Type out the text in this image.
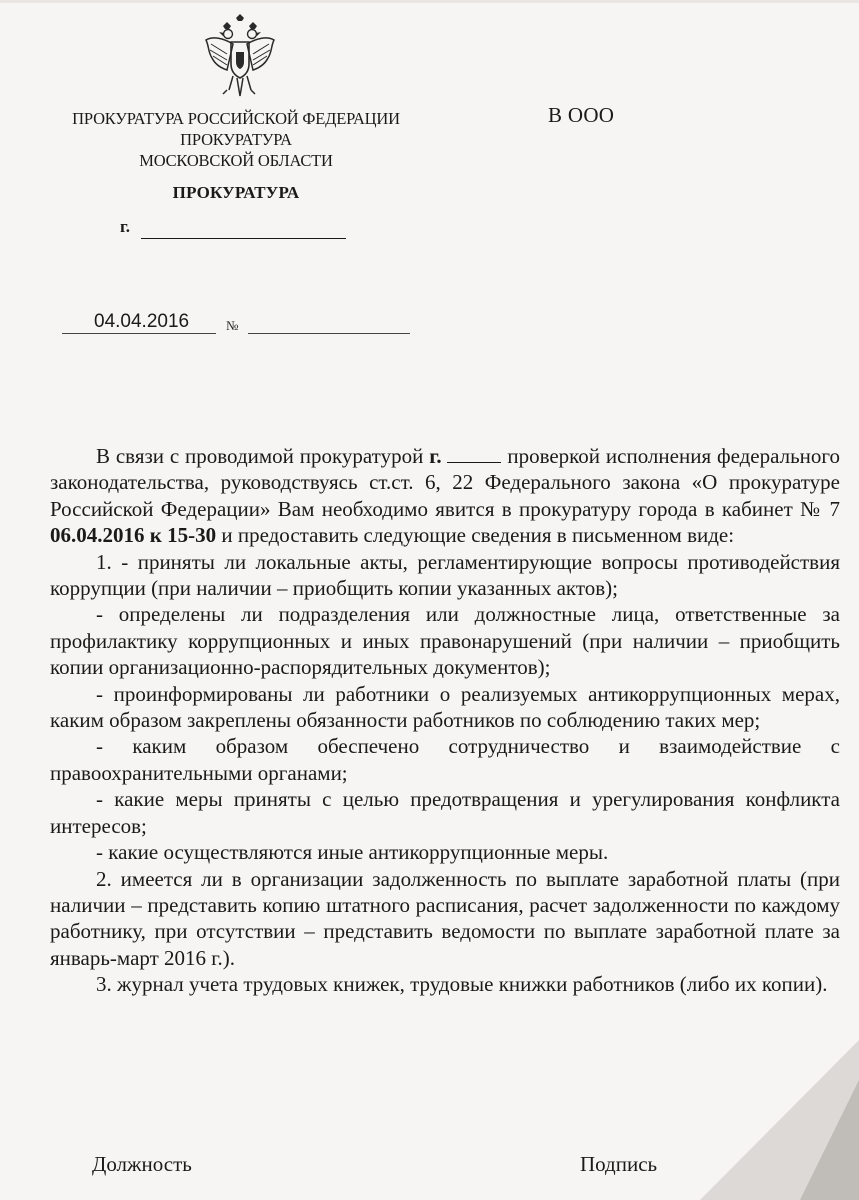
ПРОКУРАТУРА РОССИЙСКОЙ ФЕДЕРАЦИИ
ПРОКУРАТУРА
МОСКОВСКОЙ ОБЛАСТИ
ПРОКУРАТУРА
г.
В ООО
04.04.2016	№

В связи с проводимой прокуратурой г.	проверкой исполнения федерального законодательства, руководствуясь ст.ст. 6, 22 Федерального закона «О прокуратуре Российской Федерации» Вам необходимо явится в прокуратуру города в кабинет № 7 06.04.2016 к 15-30 и предоставить следующие сведения в письменном виде:

1. - приняты ли локальные акты, регламентирующие вопросы противодействия коррупции (при наличии – приобщить копии указанных актов);

- определены ли подразделения или должностные лица, ответственные за профилактику коррупционных и иных правонарушений (при наличии – приобщить копии организационно-распорядительных документов);

- проинформированы ли работники о реализуемых антикоррупционных мерах, каким образом закреплены обязанности работников по соблюдению таких мер;

- каким образом обеспечено сотрудничество и взаимодействие с правоохранительными органами;

- какие меры приняты с целью предотвращения и урегулирования конфликта интересов;

- какие осуществляются иные антикоррупционные меры.

2. имеется ли в организации задолженность по выплате заработной платы (при наличии – представить копию штатного расписания, расчет задолженности по каждому работнику, при отсутствии – представить ведомости по выплате заработной плате за январь-март 2016 г.).

3. журнал учета трудовых книжек, трудовые книжки работников (либо их копии).

Должность	Подпись
